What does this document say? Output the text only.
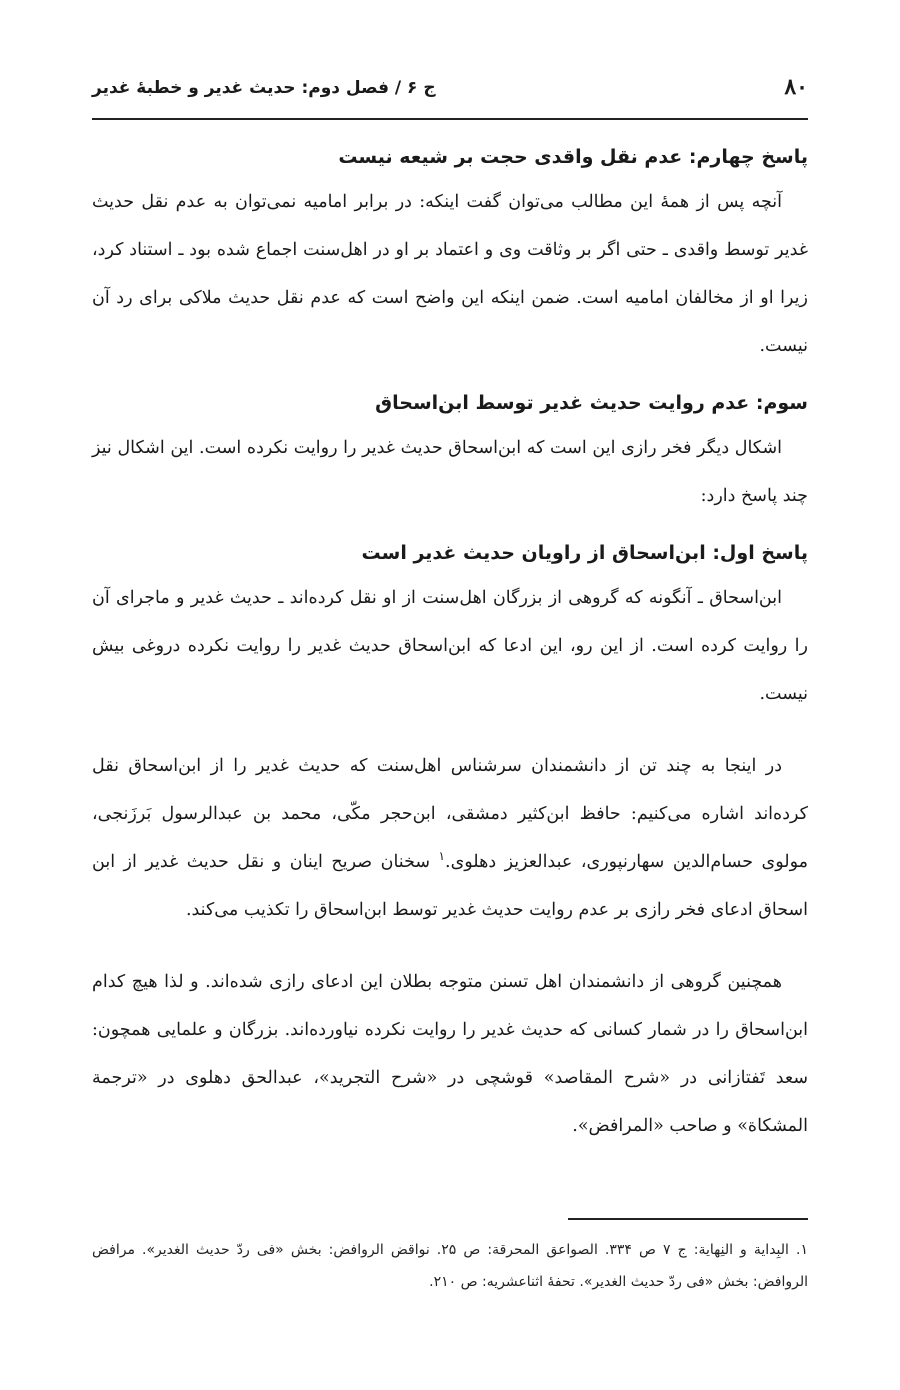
۸۰
ج ۶ / فصل دوم: حدیث غدیر و خطبهٔ غدیر
پاسخ چهارم: عدم نقل واقدی حجت بر شیعه نیست

آنچه پس از همهٔ این مطالب می‌توان گفت اینکه: در برابر امامیه نمی‌توان به عدم نقل حدیث غدیر توسط واقدی ـ حتی اگر بر وثاقت وی و اعتماد بر او در اهل‌سنت اجماع شده بود ـ استناد کرد، زیرا او از مخالفان امامیه است. ضمن اینکه این واضح است که عدم نقل حدیث ملاکی برای رد آن نیست.

سوم: عدم روایت حدیث غدیر توسط ابن‌اسحاق

اشکال دیگر فخر رازی این است که ابن‌اسحاق حدیث غدیر را روایت نکرده است. این اشکال نیز چند پاسخ دارد:

پاسخ اول: ابن‌اسحاق از راویان حدیث غدیر است

ابن‌اسحاق ـ آنگونه که گروهی از بزرگان اهل‌سنت از او نقل کرده‌اند ـ حدیث غدیر و ماجرای آن را روایت کرده است. از این رو، این ادعا که ابن‌اسحاق حدیث غدیر را روایت نکرده دروغی بیش نیست.

در اینجا به چند تن از دانشمندان سرشناس اهل‌سنت که حدیث غدیر را از ابن‌اسحاق نقل کرده‌اند اشاره می‌کنیم: حافظ ابن‌کثیر دمشقی، ابن‌حجر مکّی، محمد بن عبدالرسول بَرزَنجی، مولوی حسام‌الدین سهارنپوری، عبدالعزیز دهلوی.$^۱$ سخنان صریح اینان و نقل حدیث غدیر از ابن اسحاق ادعای فخر رازی بر عدم روایت حدیث غدیر توسط ابن‌اسحاق را تکذیب می‌کند.

همچنین گروهی از دانشمندان اهل تسنن متوجه بطلان این ادعای رازی شده‌اند. و لذا هیچ کدام ابن‌اسحاق را در شمار کسانی که حدیث غدیر را روایت نکرده نیاورده‌اند. بزرگان و علمایی همچون: سعد تَفتازانی در «شرح المقاصد» قوشچی در «شرح التجرید»، عبدالحق دهلوی در «ترجمة المشکاة» و صاحب «المرافض».

۱. البِدایة و النِهایة: ج ۷ ص ۳۳۴. الصواعق المحرقة: ص ۲۵. نواقض الروافض: بخش «فی ردّ حدیث الغدیر». مرافض الروافض: بخش «فی ردّ حدیث الغدیر». تحفهٔ اثناعشریه: ص ۲۱۰.
